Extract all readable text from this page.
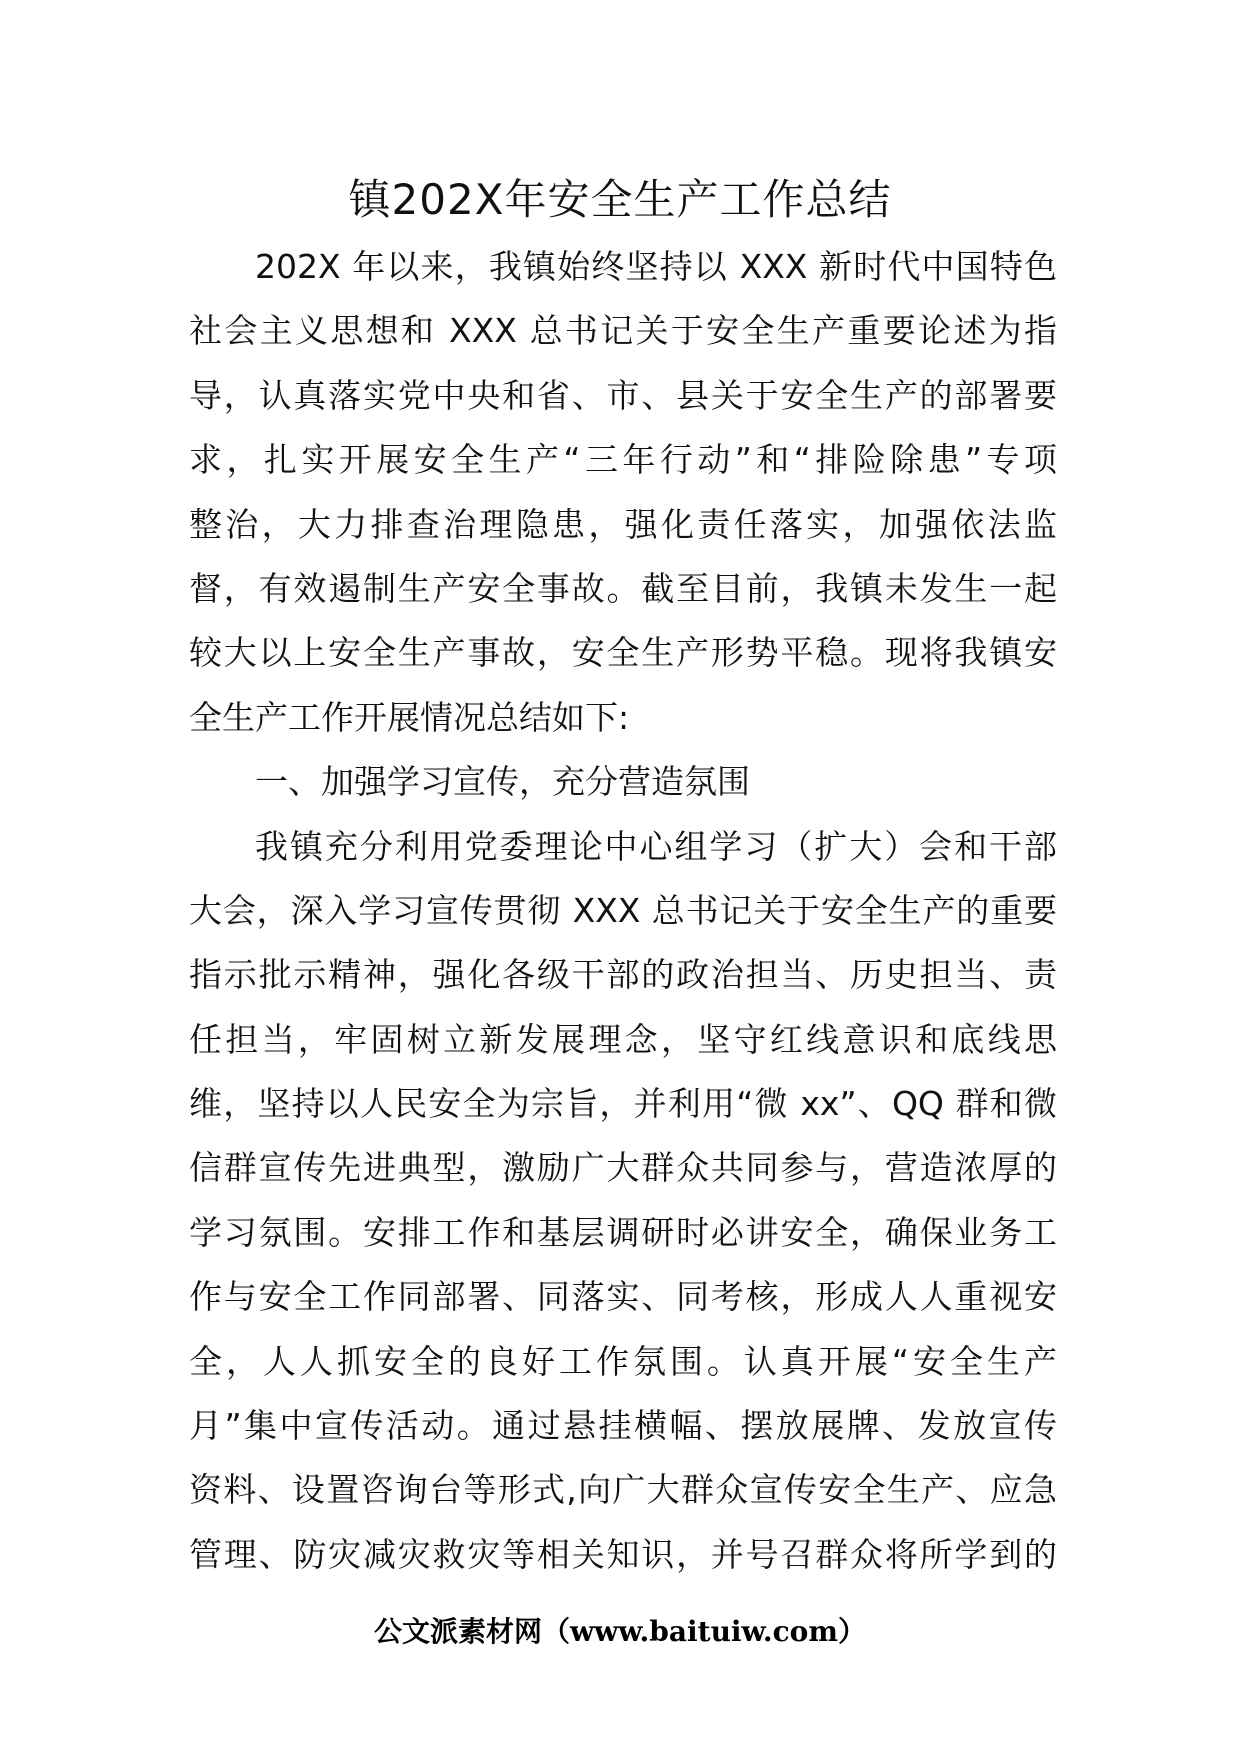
镇202X年安全生产工作总结
202X 年以来，我镇始终坚持以 XXX 新时代中国特色
社会主义思想和 XXX 总书记关于安全生产重要论述为指
导，认真落实党中央和省、市、县关于安全生产的部署要
求，扎实开展安全生产“三年行动”和“排险除患”专项
整治，大力排查治理隐患，强化责任落实，加强依法监
督，有效遏制生产安全事故。截至目前，我镇未发生一起
较大以上安全生产事故，安全生产形势平稳。现将我镇安
全生产工作开展情况总结如下:
一、加强学习宣传，充分营造氛围
我镇充分利用党委理论中心组学习（扩大）会和干部
大会，深入学习宣传贯彻 XXX 总书记关于安全生产的重要
指示批示精神，强化各级干部的政治担当、历史担当、责
任担当，牢固树立新发展理念，坚守红线意识和底线思
维，坚持以人民安全为宗旨，并利用“微 xx”、QQ 群和微
信群宣传先进典型，激励广大群众共同参与，营造浓厚的
学习氛围。安排工作和基层调研时必讲安全，确保业务工
作与安全工作同部署、同落实、同考核，形成人人重视安
全，人人抓安全的良好工作氛围。认真开展“安全生产
月”集中宣传活动。通过悬挂横幅、摆放展牌、发放宣传
资料、设置咨询台等形式,向广大群众宣传安全生产、应急
管理、防灾减灾救灾等相关知识，并号召群众将所学到的
公文派素材网（www.baituiw.com）
